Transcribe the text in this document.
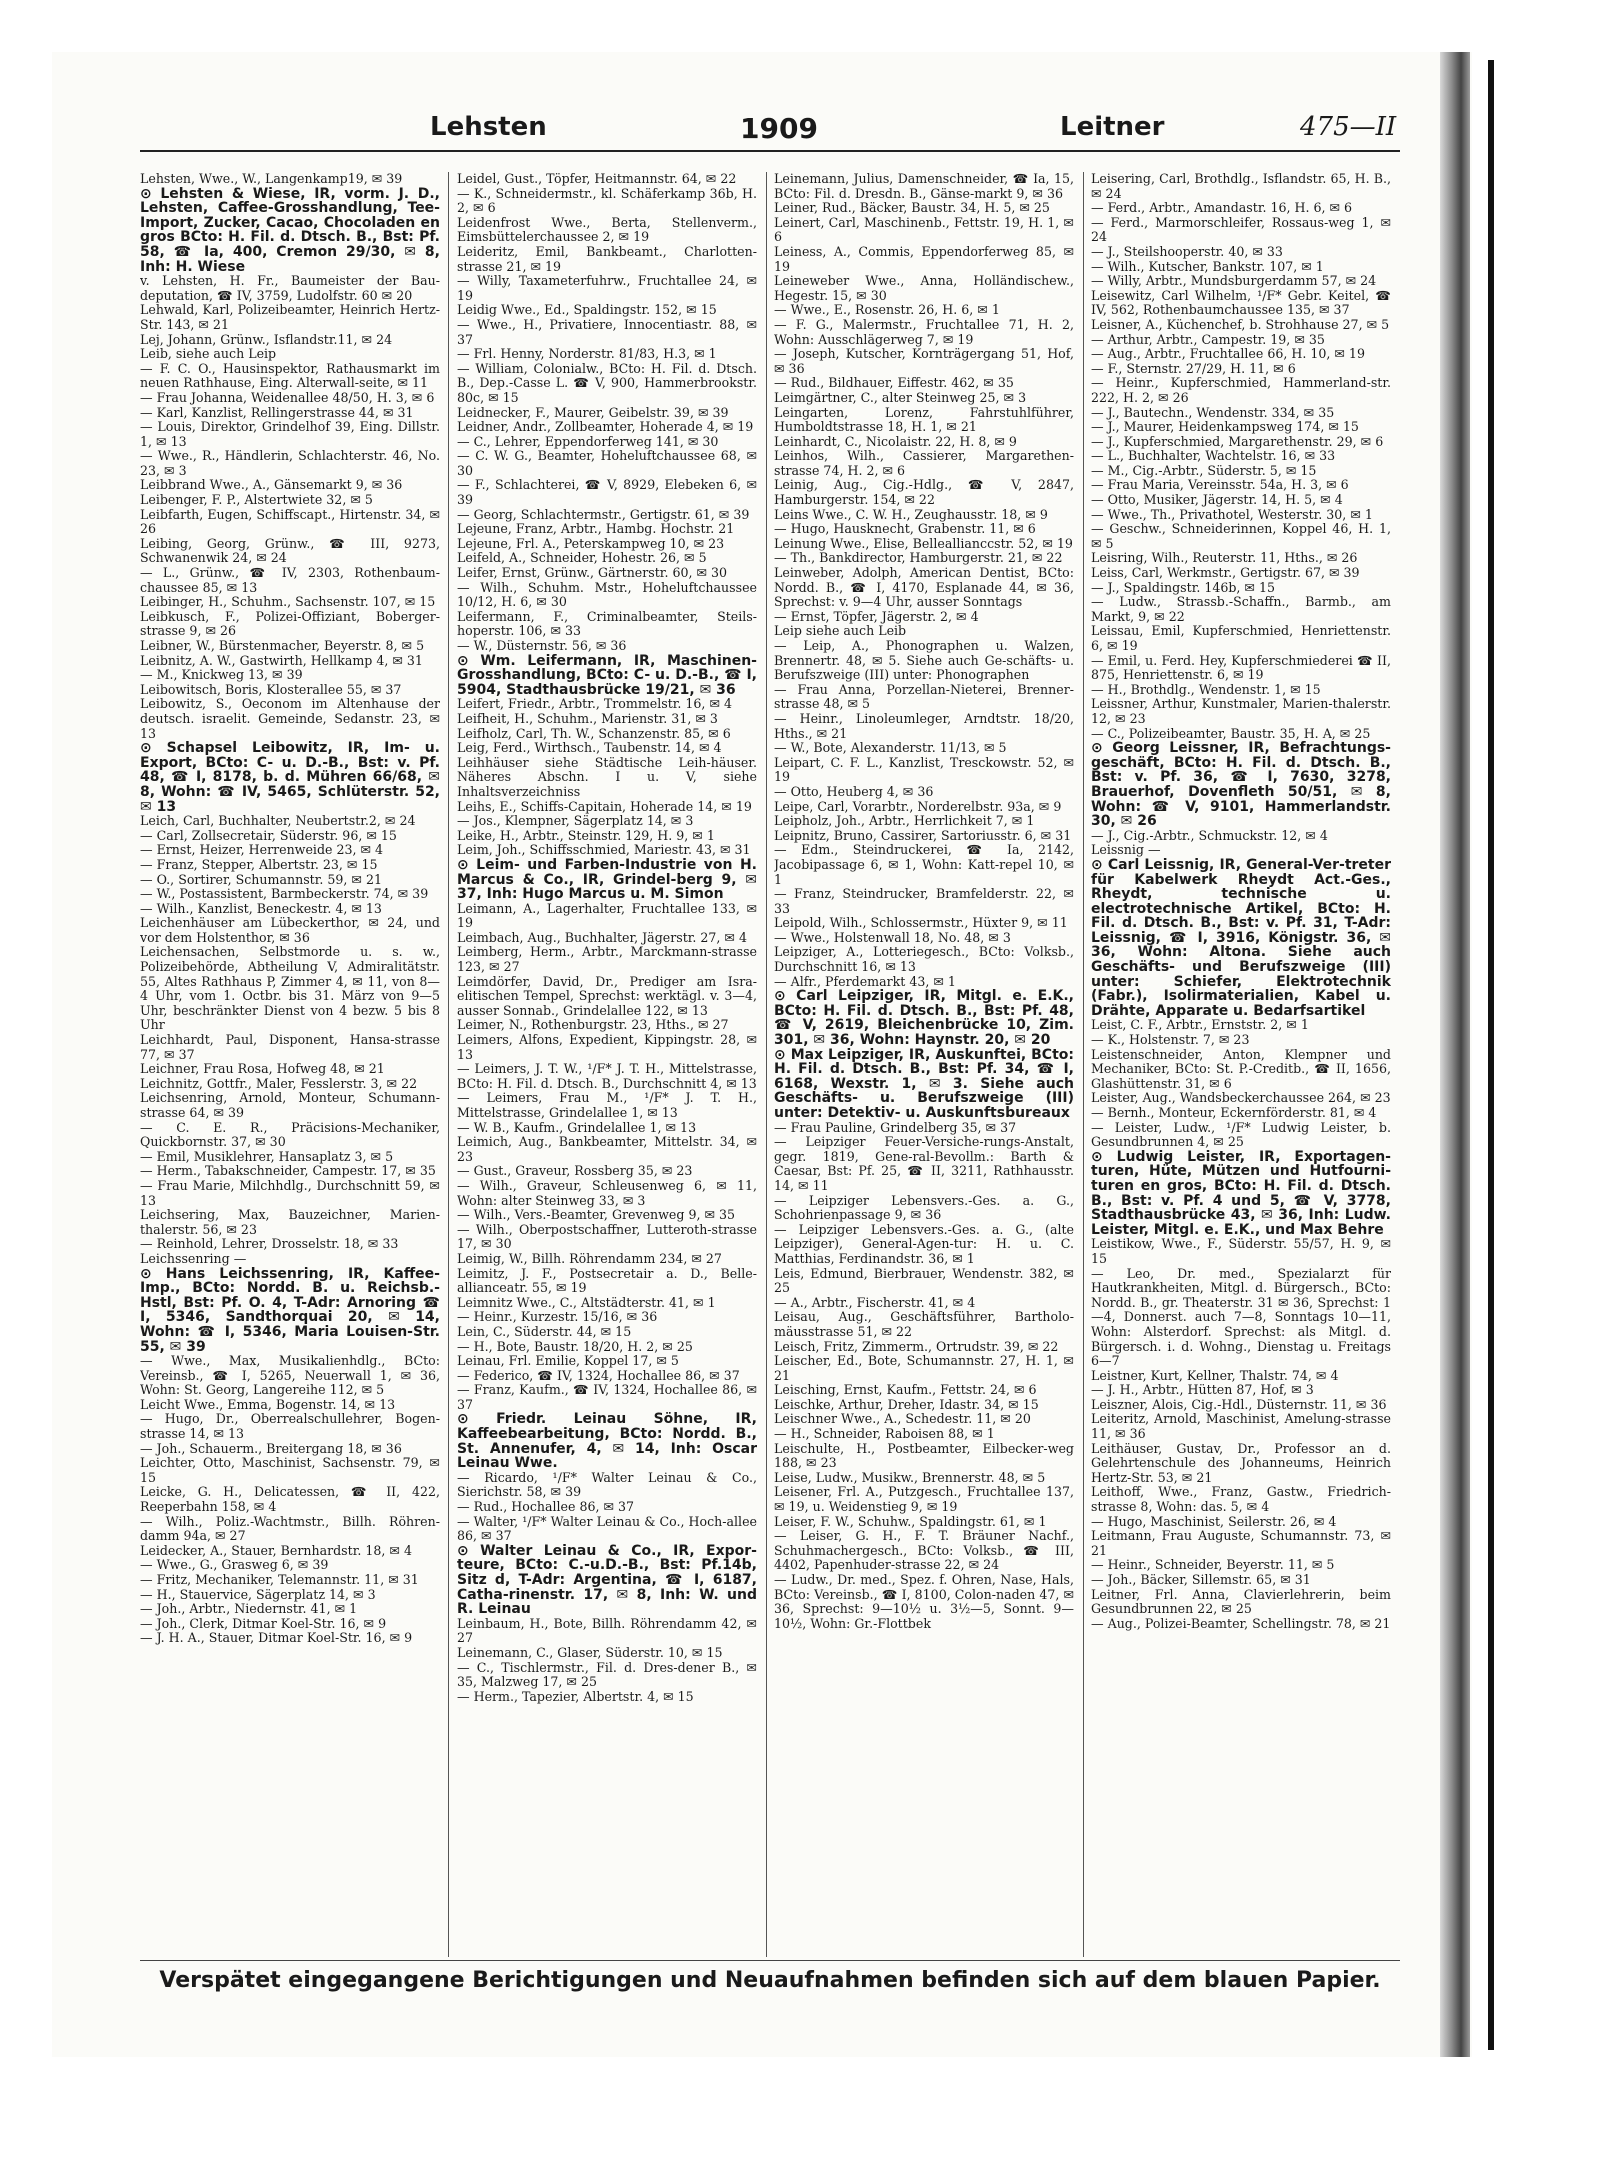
Lehsten	1909	Leitner	475—II

Lehsten, Wwe., W., Langenkamp19, ✉ 39

⊙ Lehsten & Wiese, IR, vorm. J. D., Lehsten, Caffee-Grosshandlung, Tee-Import, Zucker, Cacao, Chocoladen en gros BCto: H. Fil. d. Dtsch. B., Bst: Pf. 58, ☎ Ia, 400, Cremon 29/30, ✉ 8, Inh: H. Wiese

v. Lehsten, H. Fr., Baumeister der Bau-deputation, ☎ IV, 3759, Ludolfstr. 60 ✉ 20

Lehwald, Karl, Polizeibeamter, Heinrich Hertz-Str. 143, ✉ 21

Lej, Johann, Grünw., Isflandstr.11, ✉ 24

Leib, siehe auch Leip

— F. C. O., Hausinspektor, Rathausmarkt im neuen Rathhause, Eing. Alterwall-seite, ✉ 11

— Frau Johanna, Weidenallee 48/50, H. 3, ✉ 6

— Karl, Kanzlist, Rellingerstrasse 44, ✉ 31

— Louis, Direktor, Grindelhof 39, Eing. Dillstr. 1, ✉ 13

— Wwe., R., Händlerin, Schlachterstr. 46, No. 23, ✉ 3

Leibbrand Wwe., A., Gänsemarkt 9, ✉ 36

Leibenger, F. P., Alstertwiete 32, ✉ 5

Leibfarth, Eugen, Schiffscapt., Hirtenstr. 34, ✉ 26

Leibing, Georg, Grünw., ☎ III, 9273, Schwanenwik 24, ✉ 24

— L., Grünw., ☎ IV, 2303, Rothenbaum-chaussee 85, ✉ 13

Leibinger, H., Schuhm., Sachsenstr. 107, ✉ 15

Leibkusch, F., Polizei-Offiziant, Boberger-strasse 9, ✉ 26

Leibner, W., Bürstenmacher, Beyerstr. 8, ✉ 5

Leibnitz, A. W., Gastwirth, Hellkamp 4, ✉ 31

— M., Knickweg 13, ✉ 39

Leibowitsch, Boris, Klosterallee 55, ✉ 37

Leibowitz, S., Oeconom im Altenhause der deutsch. israelit. Gemeinde, Sedanstr. 23, ✉ 13

⊙ Schapsel Leibowitz, IR, Im- u. Export, BCto: C- u. D.-B., Bst: v. Pf. 48, ☎ I, 8178, b. d. Mühren 66/68, ✉ 8, Wohn: ☎ IV, 5465, Schlüterstr. 52, ✉ 13

Leich, Carl, Buchhalter, Neubertstr.2, ✉ 24

— Carl, Zollsecretair, Süderstr. 96, ✉ 15

— Ernst, Heizer, Herrenweide 23, ✉ 4

— Franz, Stepper, Albertstr. 23, ✉ 15

— O., Sortirer, Schumannstr. 59, ✉ 21

— W., Postassistent, Barmbeckerstr. 74, ✉ 39

— Wilh., Kanzlist, Beneckestr. 4, ✉ 13

Leichenhäuser am Lübeckerthor, ✉ 24, und vor dem Holstenthor, ✉ 36

Leichensachen, Selbstmorde u. s. w., Polizeibehörde, Abtheilung V, Admiralitätstr. 55, Altes Rathhaus P, Zimmer 4, ✉ 11, von 8—4 Uhr, vom 1. Octbr. bis 31. März von 9—5 Uhr, beschränkter Dienst von 4 bezw. 5 bis 8 Uhr

Leichhardt, Paul, Disponent, Hansa-strasse 77, ✉ 37

Leichner, Frau Rosa, Hofweg 48, ✉ 21

Leichnitz, Gottfr., Maler, Fesslerstr. 3, ✉ 22

Leichsenring, Arnold, Monteur, Schumann-strasse 64, ✉ 39

— C. E. R., Präcisions-Mechaniker, Quickbornstr. 37, ✉ 30

— Emil, Musiklehrer, Hansaplatz 3, ✉ 5

— Herm., Tabakschneider, Campestr. 17, ✉ 35

— Frau Marie, Milchhdlg., Durchschnitt 59, ✉ 13

Leichsering, Max, Bauzeichner, Marien-thalerstr. 56, ✉ 23

— Reinhold, Lehrer, Drosselstr. 18, ✉ 33

Leichssenring —

⊙ Hans Leichssenring, IR, Kaffee-Imp., BCto: Nordd. B. u. Reichsb.-Hstl, Bst: Pf. O. 4, T-Adr: Arnoring ☎ I, 5346, Sandthorquai 20, ✉ 14, Wohn: ☎ I, 5346, Maria Louisen-Str. 55, ✉ 39

— Wwe., Max, Musikalienhdlg., BCto: Vereinsb., ☎ I, 5265, Neuerwall 1, ✉ 36, Wohn: St. Georg, Langereihe 112, ✉ 5

Leicht Wwe., Emma, Bogenstr. 14, ✉ 13

— Hugo, Dr., Oberrealschullehrer, Bogen-strasse 14, ✉ 13

— Joh., Schauerm., Breitergang 18, ✉ 36

Leichter, Otto, Maschinist, Sachsenstr. 79, ✉ 15

Leicke, G. H., Delicatessen, ☎ II, 422, Reeperbahn 158, ✉ 4

— Wilh., Poliz.-Wachtmstr., Billh. Röhren-damm 94a, ✉ 27

Leidecker, A., Stauer, Bernhardstr. 18, ✉ 4

— Wwe., G., Grasweg 6, ✉ 39

— Fritz, Mechaniker, Telemannstr. 11, ✉ 31

— H., Stauervice, Sägerplatz 14, ✉ 3

— Joh., Arbtr., Niedernstr. 41, ✉ 1

— Joh., Clerk, Ditmar Koel-Str. 16, ✉ 9

— J. H. A., Stauer, Ditmar Koel-Str. 16, ✉ 9

Leidel, Gust., Töpfer, Heitmannstr. 64, ✉ 22

— K., Schneidermstr., kl. Schäferkamp 36b, H. 2, ✉ 6

Leidenfrost Wwe., Berta, Stellenverm., Eimsbüttelerchaussee 2, ✉ 19

Leideritz, Emil, Bankbeamt., Charlotten-strasse 21, ✉ 19

— Willy, Taxameterfuhrw., Fruchtallee 24, ✉ 19

Leidig Wwe., Ed., Spaldingstr. 152, ✉ 15

— Wwe., H., Privatiere, Innocentiastr. 88, ✉ 37

— Frl. Henny, Norderstr. 81/83, H.3, ✉ 1

— William, Colonialw., BCto: H. Fil. d. Dtsch. B., Dep.-Casse L. ☎ V, 900, Hammerbrookstr. 80c, ✉ 15

Leidnecker, F., Maurer, Geibelstr. 39, ✉ 39

Leidner, Andr., Zollbeamter, Hoherade 4, ✉ 19

— C., Lehrer, Eppendorferweg 141, ✉ 30

— C. W. G., Beamter, Hoheluftchaussee 68, ✉ 30

— F., Schlachterei, ☎ V, 8929, Elebeken 6, ✉ 39

— Georg, Schlachtermstr., Gertigstr. 61, ✉ 39

Lejeune, Franz, Arbtr., Hambg. Hochstr. 21

Lejeune, Frl. A., Peterskampweg 10, ✉ 23

Leifeld, A., Schneider, Hohestr. 26, ✉ 5

Leifer, Ernst, Grünw., Gärtnerstr. 60, ✉ 30

— Wilh., Schuhm. Mstr., Hoheluftchaussee 10/12, H. 6, ✉ 30

Leifermann, F., Criminalbeamter, Steils-hoperstr. 106, ✉ 33

— W., Düsternstr. 56, ✉ 36

⊙ Wm. Leifermann, IR, Maschinen-Grosshandlung, BCto: C- u. D.-B., ☎ I, 5904, Stadthausbrücke 19/21, ✉ 36

Leifert, Friedr., Arbtr., Trommelstr. 16, ✉ 4

Leifheit, H., Schuhm., Marienstr. 31, ✉ 3

Leifholz, Carl, Th. W., Schanzenstr. 85, ✉ 6

Leig, Ferd., Wirthsch., Taubenstr. 14, ✉ 4

Leihhäuser siehe Städtische Leih-häuser. Näheres Abschn. I u. V, siehe Inhaltsverzeichniss

Leihs, E., Schiffs-Capitain, Hoherade 14, ✉ 19

— Jos., Klempner, Sägerplatz 14, ✉ 3

Leike, H., Arbtr., Steinstr. 129, H. 9, ✉ 1

Leim, Joh., Schiffsschmied, Mariestr. 43, ✉ 31

⊙ Leim- und Farben-Industrie von H. Marcus & Co., IR, Grindel-berg 9, ✉ 37, Inh: Hugo Marcus u. M. Simon

Leimann, A., Lagerhalter, Fruchtallee 133, ✉ 19

Leimbach, Aug., Buchhalter, Jägerstr. 27, ✉ 4

Leimberg, Herm., Arbtr., Marckmann-strasse 123, ✉ 27

Leimdörfer, David, Dr., Prediger am Isra-elitischen Tempel, Sprechst: werktägl. v. 3—4, ausser Sonnab., Grindelallee 122, ✉ 13

Leimer, N., Rothenburgstr. 23, Hths., ✉ 27

Leimers, Alfons, Expedient, Kippingstr. 28, ✉ 13

— Leimers, J. T. W., ¹/F* J. T. H., Mittelstrasse, BCto: H. Fil. d. Dtsch. B., Durchschnitt 4, ✉ 13

— Leimers, Frau M., ¹/F* J. T. H., Mittelstrasse, Grindelallee 1, ✉ 13

— W. B., Kaufm., Grindelallee 1, ✉ 13

Leimich, Aug., Bankbeamter, Mittelstr. 34, ✉ 23

— Gust., Graveur, Rossberg 35, ✉ 23

— Wilh., Graveur, Schleusenweg 6, ✉ 11, Wohn: alter Steinweg 33, ✉ 3

— Wilh., Vers.-Beamter, Grevenweg 9, ✉ 35

— Wilh., Oberpostschaffner, Lutteroth-strasse 17, ✉ 30

Leimig, W., Billh. Röhrendamm 234, ✉ 27

Leimitz, J. F., Postsecretair a. D., Belle-allianceatr. 55, ✉ 19

Leimnitz Wwe., C., Altstädterstr. 41, ✉ 1

— Heinr., Kurzestr. 15/16, ✉ 36

Lein, C., Süderstr. 44, ✉ 15

— H., Bote, Baustr. 18/20, H. 2, ✉ 25

Leinau, Frl. Emilie, Koppel 17, ✉ 5

— Federico, ☎ IV, 1324, Hochallee 86, ✉ 37

— Franz, Kaufm., ☎ IV, 1324, Hochallee 86, ✉ 37

⊙ Friedr. Leinau Söhne, IR, Kaffeebearbeitung, BCto: Nordd. B., St. Annenufer, 4, ✉ 14, Inh: Oscar Leinau Wwe.

— Ricardo, ¹/F* Walter Leinau & Co., Sierichstr. 58, ✉ 39

— Rud., Hochallee 86, ✉ 37

— Walter, ¹/F* Walter Leinau & Co., Hoch-allee 86, ✉ 37

⊙ Walter Leinau & Co., IR, Expor-teure, BCto: C.-u.D.-B., Bst: Pf.14b, Sitz d, T-Adr: Argentina, ☎ I, 6187, Catha-rinenstr. 17, ✉ 8, Inh: W. und R. Leinau

Leinbaum, H., Bote, Billh. Röhrendamm 42, ✉ 27

Leinemann, C., Glaser, Süderstr. 10, ✉ 15

— C., Tischlermstr., Fil. d. Dres-dener B., ✉ 35, Malzweg 17, ✉ 25

— Herm., Tapezier, Albertstr. 4, ✉ 15

Leinemann, Julius, Damenschneider, ☎ Ia, 15, BCto: Fil. d. Dresdn. B., Gänse-markt 9, ✉ 36

Leiner, Rud., Bäcker, Baustr. 34, H. 5, ✉ 25

Leinert, Carl, Maschinenb., Fettstr. 19, H. 1, ✉ 6

Leiness, A., Commis, Eppendorferweg 85, ✉ 19

Leineweber Wwe., Anna, Holländischew., Hegestr. 15, ✉ 30

— Wwe., E., Rosenstr. 26, H. 6, ✉ 1

— F. G., Malermstr., Fruchtallee 71, H. 2, Wohn: Ausschlägerweg 7, ✉ 19

— Joseph, Kutscher, Kornträgergang 51, Hof, ✉ 36

— Rud., Bildhauer, Eiffestr. 462, ✉ 35

Leimgärtner, C., alter Steinweg 25, ✉ 3

Leingarten, Lorenz, Fahrstuhlführer, Humboldtstrasse 18, H. 1, ✉ 21

Leinhardt, C., Nicolaistr. 22, H. 8, ✉ 9

Leinhos, Wilh., Cassierer, Margarethen-strasse 74, H. 2, ✉ 6

Leinig, Aug., Cig.-Hdlg., ☎ V, 2847, Hamburgerstr. 154, ✉ 22

Leins Wwe., C. W. H., Zeughausstr. 18, ✉ 9

— Hugo, Hausknecht, Grabenstr. 11, ✉ 6

Leinung Wwe., Elise, Belleallianccstr. 52, ✉ 19

— Th., Bankdirector, Hamburgerstr. 21, ✉ 22

Leinweber, Adolph, American Dentist, BCto: Nordd. B., ☎ I, 4170, Esplanade 44, ✉ 36, Sprechst: v. 9—4 Uhr, ausser Sonntags

— Ernst, Töpfer, Jägerstr. 2, ✉ 4

Leip siehe auch Leib

— Leip, A., Phonographen u. Walzen, Brennertr. 48, ✉ 5. Siehe auch Ge-schäfts- u. Berufszweige (III) unter: Phonographen

— Frau Anna, Porzellan-Nieterei, Brenner-strasse 48, ✉ 5

— Heinr., Linoleumleger, Arndtstr. 18/20, Hths., ✉ 21

— W., Bote, Alexanderstr. 11/13, ✉ 5

Leipart, C. F. L., Kanzlist, Tresckowstr. 52, ✉ 19

— Otto, Heuberg 4, ✉ 36

Leipe, Carl, Vorarbtr., Norderelbstr. 93a, ✉ 9

Leipholz, Joh., Arbtr., Herrlichkeit 7, ✉ 1

Leipnitz, Bruno, Cassirer, Sartoriusstr. 6, ✉ 31

— Edm., Steindruckerei, ☎ Ia, 2142, Jacobipassage 6, ✉ 1, Wohn: Katt-repel 10, ✉ 1

— Franz, Steindrucker, Bramfelderstr. 22, ✉ 33

Leipold, Wilh., Schlossermstr., Hüxter 9, ✉ 11

— Wwe., Holstenwall 18, No. 48, ✉ 3

Leipziger, A., Lotteriegesch., BCto: Volksb., Durchschnitt 16, ✉ 13

— Alfr., Pferdemarkt 43, ✉ 1

⊙ Carl Leipziger, IR, Mitgl. e. E.K., BCto: H. Fil. d. Dtsch. B., Bst: Pf. 48, ☎ V, 2619, Bleichenbrücke 10, Zim. 301, ✉ 36, Wohn: Haynstr. 20, ✉ 20

⊙ Max Leipziger, IR, Auskunftei, BCto: H. Fil. d. Dtsch. B., Bst: Pf. 34, ☎ I, 6168, Wexstr. 1, ✉ 3. Siehe auch Geschäfts- u. Berufszweige (III) unter: Detektiv- u. Auskunftsbureaux

— Frau Pauline, Grindelberg 35, ✉ 37

— Leipziger Feuer-Versiche-rungs-Anstalt, gegr. 1819, Gene-ral-Bevollm.: Barth & Caesar, Bst: Pf. 25, ☎ II, 3211, Rathhausstr. 14, ✉ 11

— Leipziger Lebensvers.-Ges. a. G., Schohrienpassage 9, ✉ 36

— Leipziger Lebensvers.-Ges. a. G., (alte Leipziger), General-Agen-tur: H. u. C. Matthias, Ferdinandstr. 36, ✉ 1

Leis, Edmund, Bierbrauer, Wendenstr. 382, ✉ 25

— A., Arbtr., Fischerstr. 41, ✉ 4

Leisau, Aug., Geschäftsführer, Bartholo-mäusstrasse 51, ✉ 22

Leisch, Fritz, Zimmerm., Ortrudstr. 39, ✉ 22

Leischer, Ed., Bote, Schumannstr. 27, H. 1, ✉ 21

Leisching, Ernst, Kaufm., Fettstr. 24, ✉ 6

Leischke, Arthur, Dreher, Idastr. 34, ✉ 15

Leischner Wwe., A., Schedestr. 11, ✉ 20

— H., Schneider, Raboisen 88, ✉ 1

Leischulte, H., Postbeamter, Eilbecker-weg 188, ✉ 23

Leise, Ludw., Musikw., Brennerstr. 48, ✉ 5

Leisener, Frl. A., Putzgesch., Fruchtallee 137, ✉ 19, u. Weidenstieg 9, ✉ 19

Leiser, F. W., Schuhw., Spaldingstr. 61, ✉ 1

— Leiser, G. H., F. T. Bräuner Nachf., Schuhmachergesch., BCto: Volksb., ☎ III, 4402, Papenhuder-strasse 22, ✉ 24

— Ludw., Dr. med., Spez. f. Ohren, Nase, Hals, BCto: Vereinsb., ☎ I, 8100, Colon-naden 47, ✉ 36, Sprechst: 9—10½ u. 3½—5, Sonnt. 9—10½, Wohn: Gr.-Flottbek

Leisering, Carl, Brothdlg., Isflandstr. 65, H. B., ✉ 24

— Ferd., Arbtr., Amandastr. 16, H. 6, ✉ 6

— Ferd., Marmorschleifer, Rossaus-weg 1, ✉ 24

— J., Steilshooperstr. 40, ✉ 33

— Wilh., Kutscher, Bankstr. 107, ✉ 1

— Willy, Arbtr., Mundsburgerdamm 57, ✉ 24

Leisewitz, Carl Wilhelm, ¹/F* Gebr. Keitel, ☎ IV, 562, Rothenbaumchaussee 135, ✉ 37

Leisner, A., Küchenchef, b. Strohhause 27, ✉ 5

— Arthur, Arbtr., Campestr. 19, ✉ 35

— Aug., Arbtr., Fruchtallee 66, H. 10, ✉ 19

— F., Sternstr. 27/29, H. 11, ✉ 6

— Heinr., Kupferschmied, Hammerland-str. 222, H. 2, ✉ 26

— J., Bautechn., Wendenstr. 334, ✉ 35

— J., Maurer, Heidenkampsweg 174, ✉ 15

— J., Kupferschmied, Margarethenstr. 29, ✉ 6

— L., Buchhalter, Wachtelstr. 16, ✉ 33

— M., Cig.-Arbtr., Süderstr. 5, ✉ 15

— Frau Maria, Vereinsstr. 54a, H. 3, ✉ 6

— Otto, Musiker, Jägerstr. 14, H. 5, ✉ 4

— Wwe., Th., Privathotel, Westerstr. 30, ✉ 1

— Geschw., Schneiderinnen, Koppel 46, H. 1, ✉ 5

Leisring, Wilh., Reuterstr. 11, Hths., ✉ 26

Leiss, Carl, Werkmstr., Gertigstr. 67, ✉ 39

— J., Spaldingstr. 146b, ✉ 15

— Ludw., Strassb.-Schaffn., Barmb., am Markt, 9, ✉ 22

Leissau, Emil, Kupferschmied, Henriettenstr. 6, ✉ 19

— Emil, u. Ferd. Hey, Kupferschmiederei ☎ II, 875, Henriettenstr. 6, ✉ 19

— H., Brothdlg., Wendenstr. 1, ✉ 15

Leissner, Arthur, Kunstmaler, Marien-thalerstr. 12, ✉ 23

— C., Polizeibeamter, Baustr. 35, H. A, ✉ 25

⊙ Georg Leissner, IR, Befrachtungs-geschäft, BCto: H. Fil. d. Dtsch. B., Bst: v. Pf. 36, ☎ I, 7630, 3278, Brauerhof, Dovenfleth 50/51, ✉ 8, Wohn: ☎ V, 9101, Hammerlandstr. 30, ✉ 26

— J., Cig.-Arbtr., Schmuckstr. 12, ✉ 4

Leissnig —

⊙ Carl Leissnig, IR, General-Ver-treter für Kabelwerk Rheydt Act.-Ges., Rheydt, technische u. electrotechnische Artikel, BCto: H. Fil. d. Dtsch. B., Bst: v. Pf. 31, T-Adr: Leissnig, ☎ I, 3916, Königstr. 36, ✉ 36, Wohn: Altona. Siehe auch Geschäfts- und Berufszweige (III) unter: Schiefer, Elektrotechnik (Fabr.), Isolirmaterialien, Kabel u. Drähte, Apparate u. Bedarfsartikel

Leist, C. F., Arbtr., Ernststr. 2, ✉ 1

— K., Holstenstr. 7, ✉ 23

Leistenschneider, Anton, Klempner und Mechaniker, BCto: St. P.-Creditb., ☎ II, 1656, Glashüttenstr. 31, ✉ 6

Leister, Aug., Wandsbeckerchaussee 264, ✉ 23

— Bernh., Monteur, Eckernförderstr. 81, ✉ 4

— Leister, Ludw., ¹/F* Ludwig Leister, b. Gesundbrunnen 4, ✉ 25

⊙ Ludwig Leister, IR, Exportagen-turen, Hüte, Mützen und Hutfourni-turen en gros, BCto: H. Fil. d. Dtsch. B., Bst: v. Pf. 4 und 5, ☎ V, 3778, Stadthausbrücke 43, ✉ 36, Inh: Ludw. Leister, Mitgl. e. E.K., und Max Behre

Leistikow, Wwe., F., Süderstr. 55/57, H. 9, ✉ 15

— Leo, Dr. med., Spezialarzt für Hautkrankheiten, Mitgl. d. Bürgersch., BCto: Nordd. B., gr. Theaterstr. 31 ✉ 36, Sprechst: 1—4, Donnerst. auch 7—8, Sonntags 10—11, Wohn: Alsterdorf. Sprechst: als Mitgl. d. Bürgersch. i. d. Wohng., Dienstag u. Freitags 6—7

Leistner, Kurt, Kellner, Thalstr. 74, ✉ 4

— J. H., Arbtr., Hütten 87, Hof, ✉ 3

Leiszner, Alois, Cig.-Hdl., Düsternstr. 11, ✉ 36

Leiteritz, Arnold, Maschinist, Amelung-strasse 11, ✉ 36

Leithäuser, Gustav, Dr., Professor an d. Gelehrtenschule des Johanneums, Heinrich Hertz-Str. 53, ✉ 21

Leithoff, Wwe., Franz, Gastw., Friedrich-strasse 8, Wohn: das. 5, ✉ 4

— Hugo, Maschinist, Seilerstr. 26, ✉ 4

Leitmann, Frau Auguste, Schumannstr. 73, ✉ 21

— Heinr., Schneider, Beyerstr. 11, ✉ 5

— Joh., Bäcker, Sillemstr. 65, ✉ 31

Leitner, Frl. Anna, Clavierlehrerin, beim Gesundbrunnen 22, ✉ 25

— Aug., Polizei-Beamter, Schellingstr. 78, ✉ 21

Verspätet eingegangene Berichtigungen und Neuaufnahmen befinden sich auf dem blauen Papier.
